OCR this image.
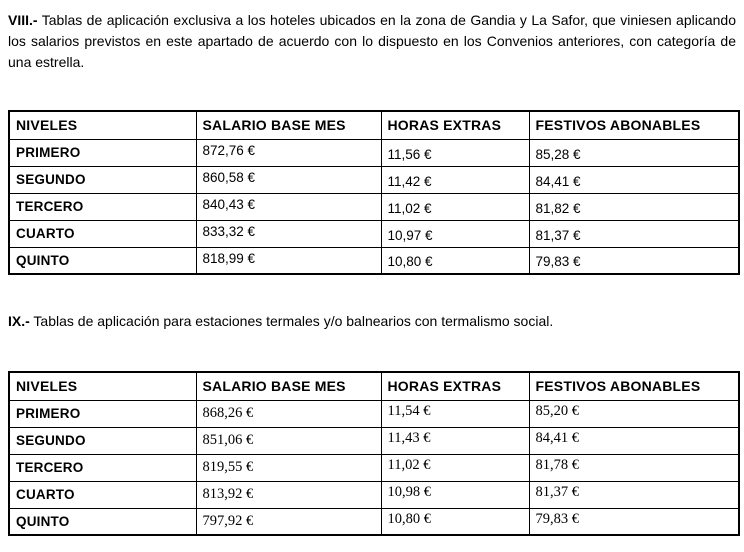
VIII.- Tablas de aplicación exclusiva a los hoteles ubicados en la zona de Gandia y La Safor, que viniesen aplicando los salarios previstos en este apartado de acuerdo con lo dispuesto en los Convenios anteriores, con categoría de una estrella.

NIVELES	SALARIO BASE MES	HORAS EXTRAS	FESTIVOS ABONABLES
PRIMERO	872,76 €	11,56 €	85,28 €
SEGUNDO	860,58 €	11,42 €	84,41 €
TERCERO	840,43 €	11,02 €	81,82 €
CUARTO	833,32 €	10,97 €	81,37 €
QUINTO	818,99 €	10,80 €	79,83 €

IX.- Tablas de aplicación para estaciones termales y/o balnearios con termalismo social.

NIVELES	SALARIO BASE MES	HORAS EXTRAS	FESTIVOS ABONABLES
PRIMERO	868,26 €	11,54 €	85,20 €
SEGUNDO	851,06 €	11,43 €	84,41 €
TERCERO	819,55 €	11,02 €	81,78 €
CUARTO	813,92 €	10,98 €	81,37 €
QUINTO	797,92 €	10,80 €	79,83 €
